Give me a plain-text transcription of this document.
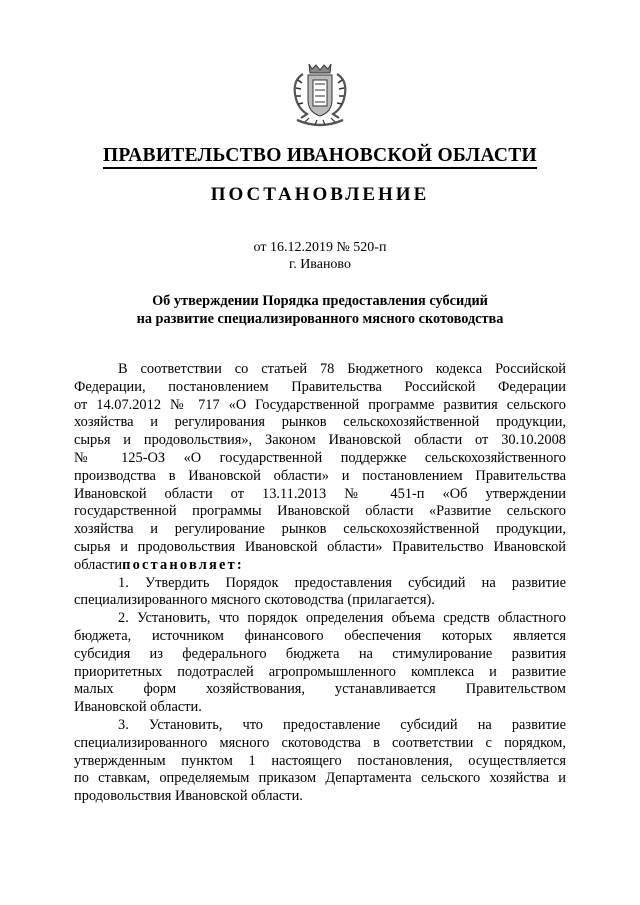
ПРАВИТЕЛЬСТВО ИВАНОВСКОЙ ОБЛАСТИ
ПОСТАНОВЛЕНИЕ
от 16.12.2019 № 520-п
г. Иваново
Об утверждении Порядка предоставления субсидий
на развитие специализированного мясного скотоводства

В соответствии со статьей 78 Бюджетного кодекса Российской

Федерации, постановлением Правительства Российской Федерации

от 14.07.2012 № 717 «О Государственной программе развития сельского

хозяйства и регулирования рынков сельскохозяйственной продукции,

сырья и продовольствия», Законом Ивановской области от 30.10.2008

№ 125-ОЗ «О государственной поддержке сельскохозяйственного

производства в Ивановской области» и постановлением Правительства

Ивановской области от 13.11.2013 № 451-п «Об утверждении

государственной программы Ивановской области «Развитие сельского

хозяйства и регулирование рынков сельскохозяйственной продукции,

сырья и продовольствия Ивановской области» Правительство Ивановской

областипостановляет:

1. Утвердить Порядок предоставления субсидий на развитие

специализированного мясного скотоводства (прилагается).

2. Установить, что порядок определения объема средств областного

бюджета, источником финансового обеспечения которых является

субсидия из федерального бюджета на стимулирование развития

приоритетных подотраслей агропромышленного комплекса и развитие

малых форм хозяйствования, устанавливается Правительством

Ивановской области.

3. Установить, что предоставление субсидий на развитие

специализированного мясного скотоводства в соответствии с порядком,

утвержденным пунктом 1 настоящего постановления, осуществляется

по ставкам, определяемым приказом Департамента сельского хозяйства и

продовольствия Ивановской области.
